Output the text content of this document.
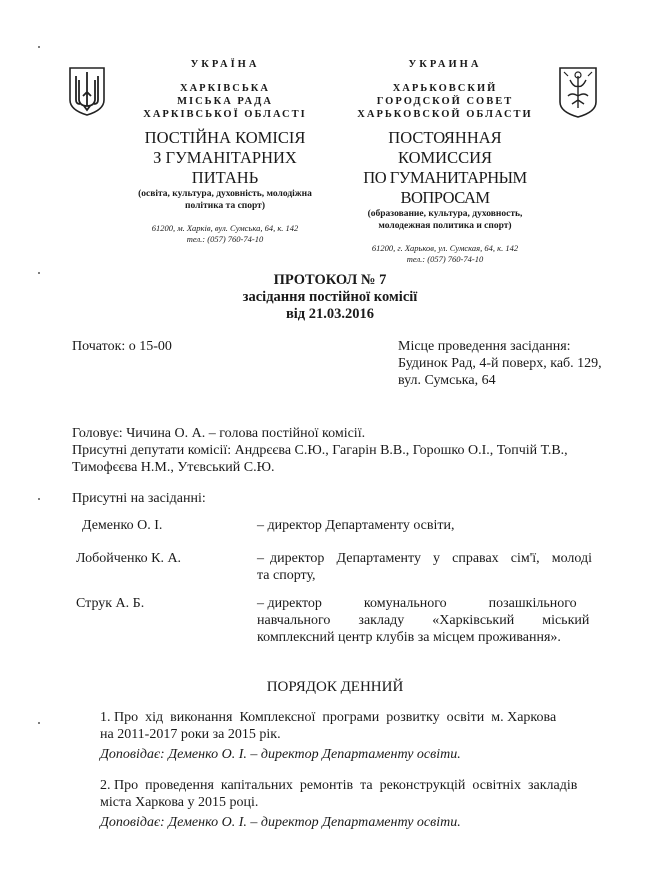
УКРАЇНА
ХАРКІВСЬКА
МІСЬКА РАДА
ХАРКІВСЬКОЇ ОБЛАСТІ
ПОСТІЙНА КОМІСІЯ
З ГУМАНІТАРНИХ ПИТАНЬ
(освіта, культура, духовність, молодіжна
політика та спорт)
61200, м. Харків, вул. Сумська, 64, к. 142
тел.: (057) 760-74-10
УКРАИНА
ХАРЬКОВСКИЙ
ГОРОДСКОЙ СОВЕТ
ХАРЬКОВСКОЙ ОБЛАСТИ
ПОСТОЯННАЯ КОМИССИЯ
ПО ГУМАНИТАРНЫМ ВОПРОСАМ
(образование, культура, духовность,
молодежная политика и спорт)
61200, г. Харьков, ул. Сумская, 64, к. 142
тел.: (057) 760-74-10
ПРОТОКОЛ № 7
засідання постійної комісії
від 21.03.2016
Початок: о 15-00	Місце проведення засідання:
Будинок Рад, 4-й поверх, каб. 129,
вул. Сумська, 64
Головує: Чичина О. А. – голова постійної комісії.
Присутні депутати комісії: Андрєєва С.Ю., Гагарін В.В., Горошко О.І., Топчій Т.В.,
Тимофєєва Н.М., Утєвський С.Ю.
Присутні на засіданні:
Деменко О. І.	– директор Департаменту освіти,
Лобойченко К. А.	– директор  Департаменту  у  справах  сім'ї,  молоді
та спорту,
Струк А. Б.	– директор            комунального            позашкільного
навчального        закладу        «Харківський        міський
комплексний центр клубів за місцем проживання».
ПОРЯДОК ДЕННИЙ
1. Про  хід  виконання  Комплексної  програми  розвитку  освіти  м. Харкова
на 2011-2017 роки за 2015 рік.
Доповідає: Деменко О. І. – директор Департаменту освіти.
2. Про  проведення  капітальних  ремонтів  та  реконструкцій  освітніх  закладів
міста Харкова у 2015 році.
Доповідає: Деменко О. І. – директор Департаменту освіти.
